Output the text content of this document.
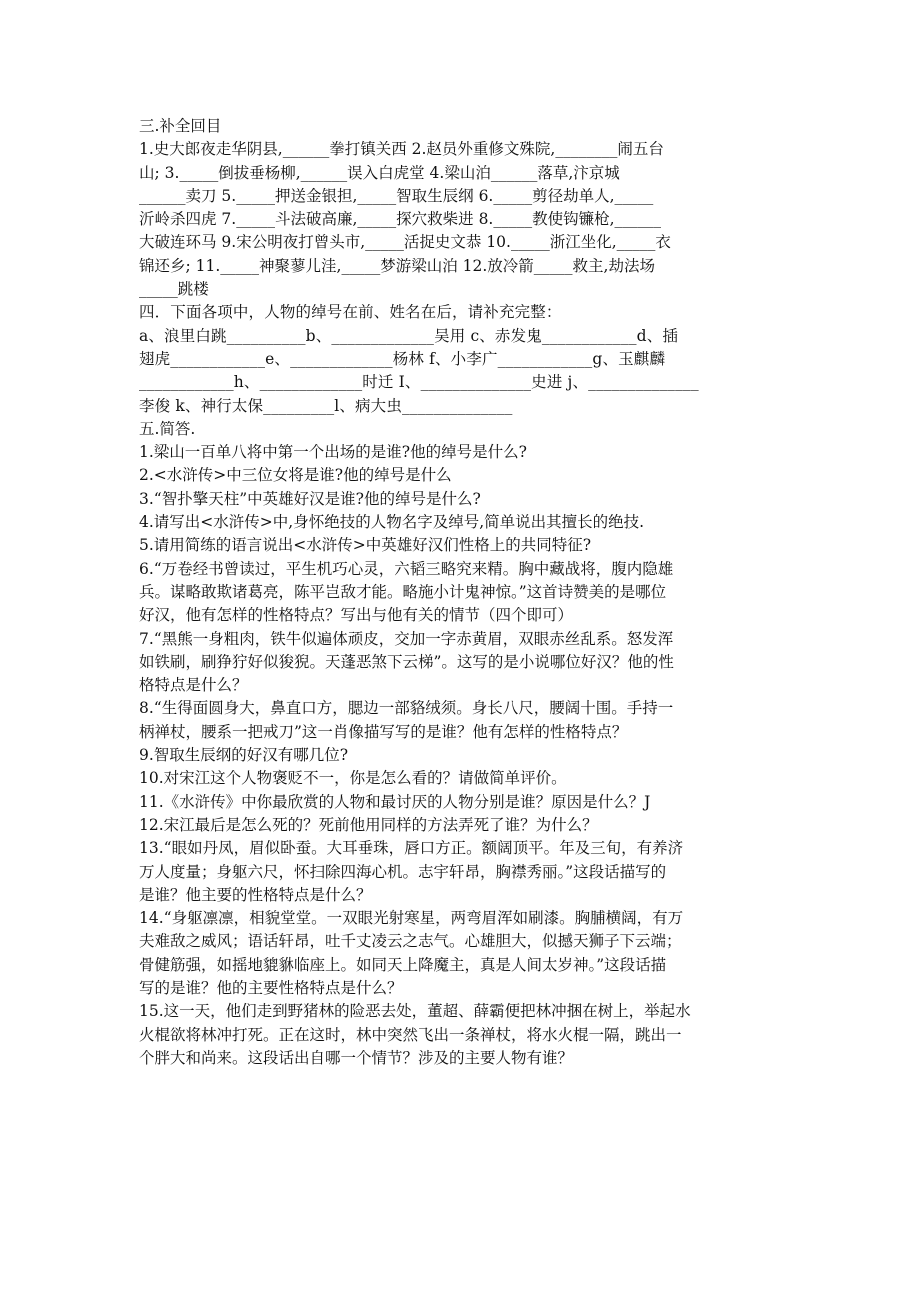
三.补全回目

1.史大郎夜走华阴县,______拳打镇关西 2.赵员外重修文殊院,________闹五台

山; 3._____倒拔垂杨柳,______误入白虎堂 4.梁山泊______落草,汴京城

______卖刀 5._____押送金银担,_____智取生辰纲 6._____剪径劫单人,_____

沂岭杀四虎 7._____斗法破高廉,_____探穴救柴进 8._____教使钩镰枪,______

大破连环马 9.宋公明夜打曾头市,_____活捉史文恭 10._____浙江坐化,_____衣

锦还乡; 11._____神聚蓼儿洼,_____梦游梁山泊 12.放冷箭_____救主,劫法场

_____跳楼

四．下面各项中，人物的绰号在前、姓名在后，请补充完整：

a、浪里白跳__________b、_____________吴用 c、赤发鬼____________d、插

翅虎____________e、_____________杨林 f、小李广____________g、玉麒麟

____________h、_____________时迁 I、______________史进 j、______________

李俊 k、神行太保_________l、病大虫______________

五.简答.

1.梁山一百单八将中第一个出场的是谁?他的绰号是什么?

2.<水浒传>中三位女将是谁?他的绰号是什么

3.“智扑擎天柱”中英雄好汉是谁?他的绰号是什么?

4.请写出<水浒传>中,身怀绝技的人物名字及绰号,简单说出其擅长的绝技.

5.请用简练的语言说出<水浒传>中英雄好汉们性格上的共同特征?

6.“万卷经书曾读过，平生机巧心灵，六韬三略究来精。胸中藏战将，腹内隐雄

兵。谋略敢欺诸葛亮，陈平岂敌才能。略施小计鬼神惊。”这首诗赞美的是哪位

好汉，他有怎样的性格特点？写出与他有关的情节（四个即可）

7.“黑熊一身粗肉，铁牛似遍体顽皮，交加一字赤黄眉，双眼赤丝乱系。怒发浑

如铁刷，刷狰狞好似狻猊。天蓬恶煞下云梯”。这写的是小说哪位好汉？他的性

格特点是什么？

8.“生得面圆身大，鼻直口方，腮边一部貉绒须。身长八尺，腰阔十围。手持一

柄禅杖，腰系一把戒刀”这一肖像描写写的是谁？他有怎样的性格特点？

9.智取生辰纲的好汉有哪几位?

10.对宋江这个人物褒贬不一，你是怎么看的？请做简单评价。

11.《水浒传》中你最欣赏的人物和最讨厌的人物分别是谁？原因是什么？J

12.宋江最后是怎么死的？死前他用同样的方法弄死了谁？为什么？

13.“眼如丹凤，眉似卧蚕。大耳垂珠，唇口方正。额阔顶平。年及三旬，有养济

万人度量；身躯六尺，怀扫除四海心机。志宇轩昂，胸襟秀丽。”这段话描写的

是谁？他主要的性格特点是什么？

14.“身躯凛凛，相貌堂堂。一双眼光射寒星，两弯眉浑如刷漆。胸脯横阔，有万

夫难敌之威风；语话轩昂，吐千丈凌云之志气。心雄胆大，似撼天狮子下云端；

骨健筋强，如摇地貔貅临座上。如同天上降魔主，真是人间太岁神。”这段话描

写的是谁？他的主要性格特点是什么？

15.这一天，他们走到野猪林的险恶去处，董超、薛霸便把林冲捆在树上，举起水

火棍欲将林冲打死。正在这时，林中突然飞出一条禅杖，将水火棍一隔，跳出一

个胖大和尚来。这段话出自哪一个情节？涉及的主要人物有谁？
